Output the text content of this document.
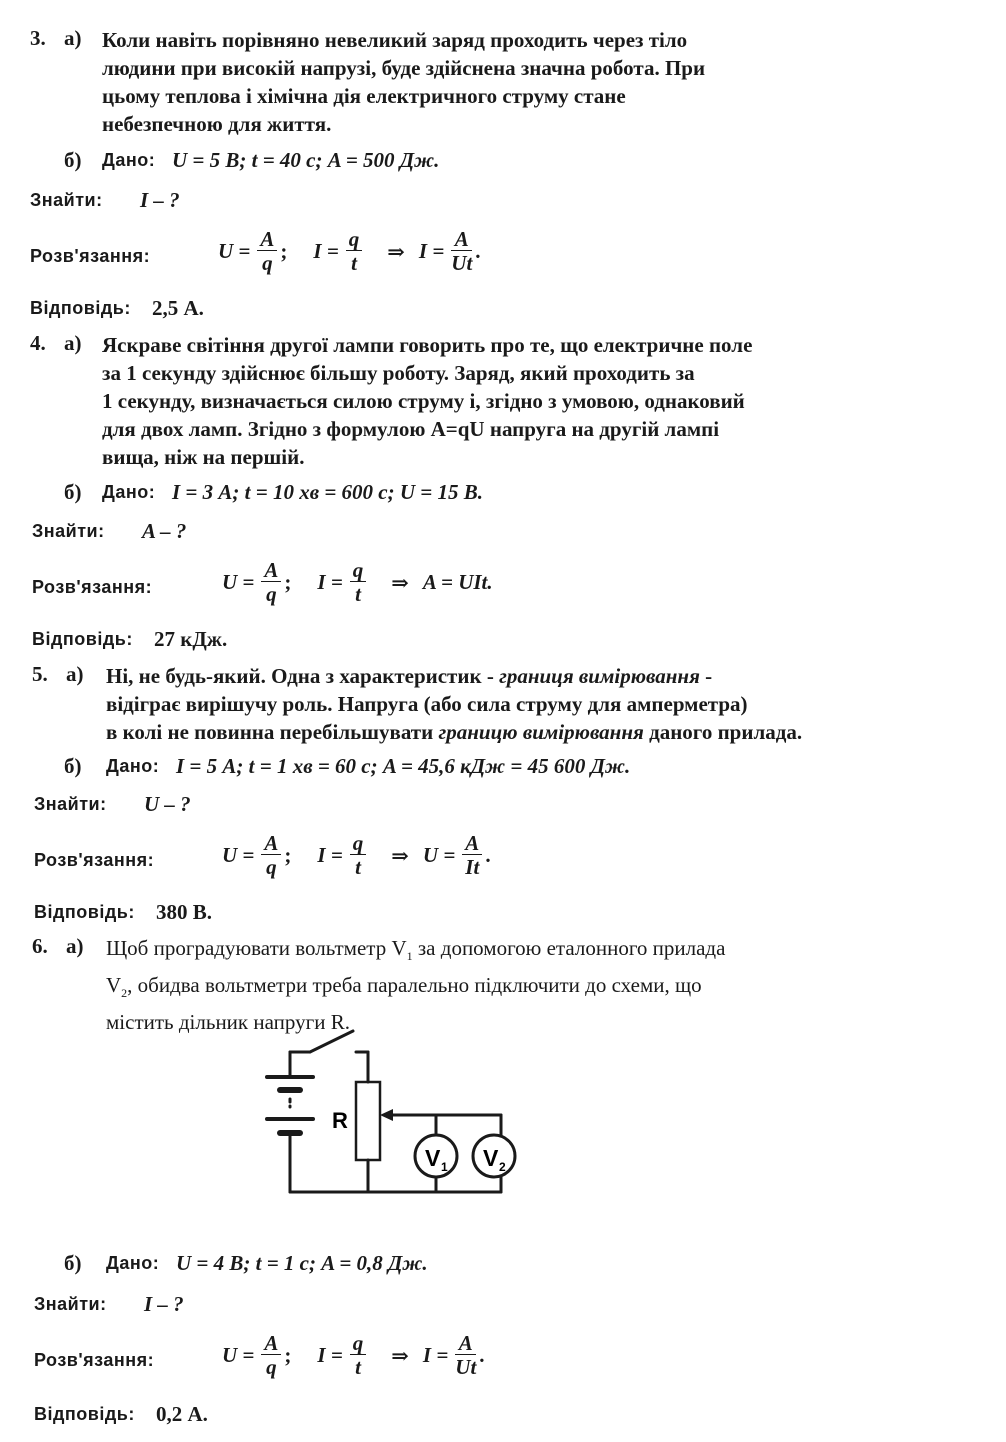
3. а) Коли навіть порівняно невеликий заряд проходить через тіло
людини при високій напрузі, буде здійснена значна робота. При
цьому теплова і хімічна дія електричного струму стане
небезпечною для життя.
б) Дано: U = 5 В; t = 40 с; A = 500 Дж.
Знайти: I – ?
Розв'язання:	$U = \frac{A}{q}$ ; $I = \frac{q}{t}$ ⇒ $I = \frac{A}{Ut}$ .
Відповідь: 2,5 А.
4. а) Яскраве світіння другої лампи говорить про те, що електричне поле
за 1 секунду здійснює більшу роботу. Заряд, який проходить за
1 секунду, визначається силою струму і, згідно з умовою, однаковий
для двох ламп. Згідно з формулою A=qU напруга на другій лампі
вища, ніж на першій.
б) Дано: I = 3 А; t = 10 хв = 600 с; U = 15 В.
Знайти: A – ?
Розв'язання:	$U = \frac{A}{q}$ ; $I = \frac{q}{t}$ ⇒ A = UIt.
Відповідь: 27 кДж.
5. а) Ні, не будь-який. Одна з характеристик - границя вимірювання -
відіграє вирішучу роль. Напруга (або сила струму для амперметра)
в колі не повинна перебільшувати границю вимірювання даного прилада.
б) Дано: I = 5 А; t = 1 хв = 60 с; A = 45,6 кДж = 45 600 Дж.
Знайти: U – ?
Розв'язання:	$U = \frac{A}{q}$ ; $I = \frac{q}{t}$ ⇒ $U = \frac{A}{It}$ .
Відповідь: 380 В.
6. а) Щоб проградуювати вольтметр $V_1$ за допомогою еталонного прилада
$V_2$, обидва вольтметри треба паралельно підключити до схеми, що
містить дільник напруги R.
R
V 1 V 2
б) Дано: U = 4 В; t = 1 с; A = 0,8 Дж.
Знайти: I – ?
Розв'язання:	$U = \frac{A}{q}$ ; $I = \frac{q}{t}$ ⇒ $I = \frac{A}{Ut}$ .
Відповідь: 0,2 А.
